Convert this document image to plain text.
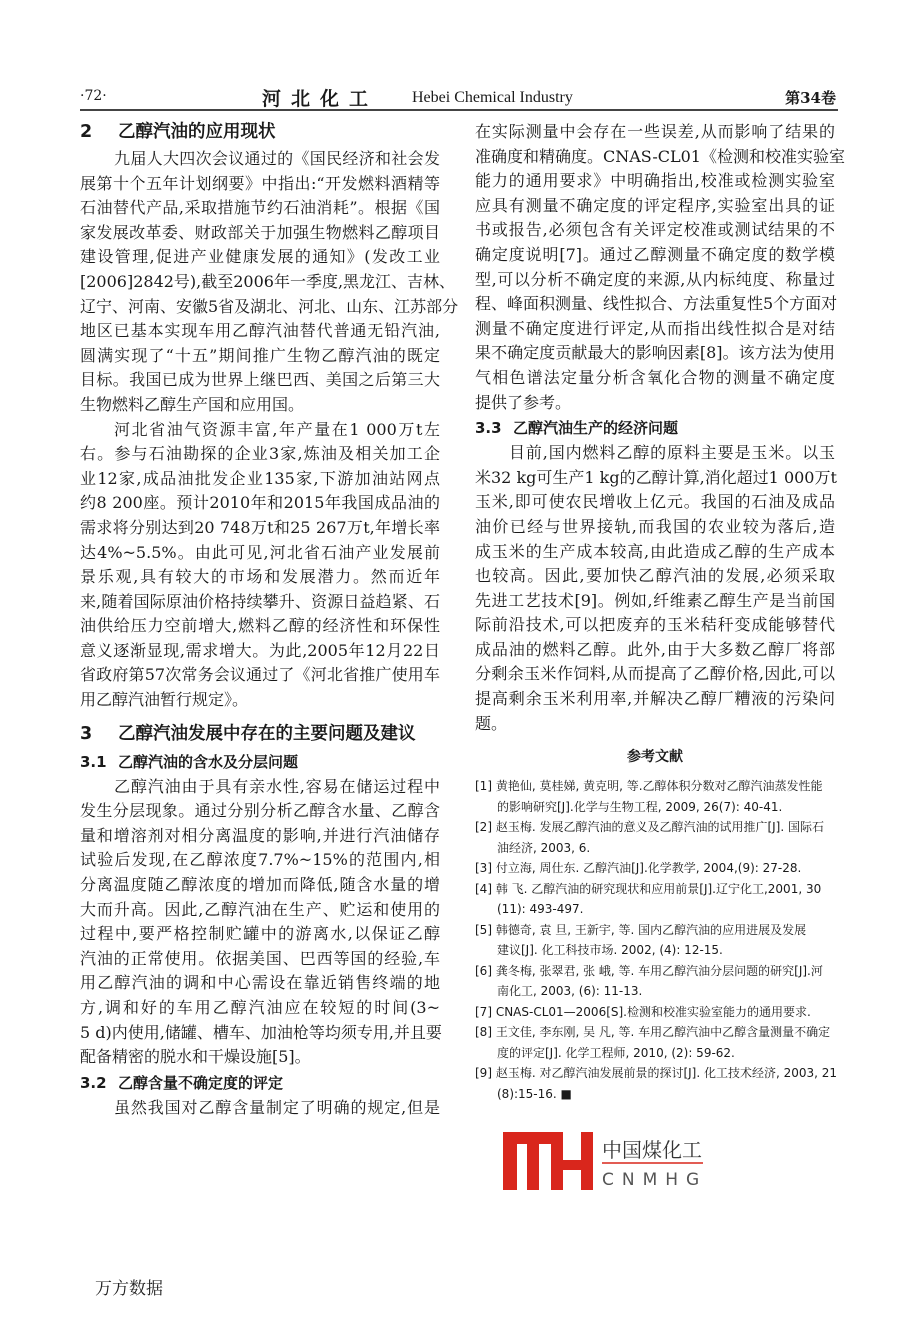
·72·	河北化工 Hebei Chemical Industry	第34卷
2 乙醇汽油的应用现状
九届人大四次会议通过的《国民经济和社会发
展第十个五年计划纲要》中指出:“开发燃料酒精等
石油替代产品,采取措施节约石油消耗”。根据《国
家发展改革委、财政部关于加强生物燃料乙醇项目
建设管理,促进产业健康发展的通知》(发改工业
[2006]2842号),截至2006年一季度,黑龙江、吉林、
辽宁、河南、安徽5省及湖北、河北、山东、江苏部分
地区已基本实现车用乙醇汽油替代普通无铅汽油,
圆满实现了“十五”期间推广生物乙醇汽油的既定
目标。我国已成为世界上继巴西、美国之后第三大
生物燃料乙醇生产国和应用国。
河北省油气资源丰富,年产量在1 000万t左
右。参与石油勘探的企业3家,炼油及相关加工企
业12家,成品油批发企业135家,下游加油站网点
约8 200座。预计2010年和2015年我国成品油的
需求将分别达到20 748万t和25 267万t,年增长率
达4%~5.5%。由此可见,河北省石油产业发展前
景乐观,具有较大的市场和发展潜力。然而近年
来,随着国际原油价格持续攀升、资源日益趋紧、石
油供给压力空前增大,燃料乙醇的经济性和环保性
意义逐渐显现,需求增大。为此,2005年12月22日
省政府第57次常务会议通过了《河北省推广使用车
用乙醇汽油暂行规定》。
3 乙醇汽油发展中存在的主要问题及建议
3.1 乙醇汽油的含水及分层问题
乙醇汽油由于具有亲水性,容易在储运过程中
发生分层现象。通过分别分析乙醇含水量、乙醇含
量和增溶剂对相分离温度的影响,并进行汽油储存
试验后发现,在乙醇浓度7.7%~15%的范围内,相
分离温度随乙醇浓度的增加而降低,随含水量的增
大而升高。因此,乙醇汽油在生产、贮运和使用的
过程中,要严格控制贮罐中的游离水,以保证乙醇
汽油的正常使用。依据美国、巴西等国的经验,车
用乙醇汽油的调和中心需设在靠近销售终端的地
方,调和好的车用乙醇汽油应在较短的时间(3~
5 d)内使用,储罐、槽车、加油枪等均须专用,并且要
配备精密的脱水和干燥设施[5]。
3.2 乙醇含量不确定度的评定
虽然我国对乙醇含量制定了明确的规定,但是
在实际测量中会存在一些误差,从而影响了结果的
准确度和精确度。CNAS-CL01《检测和校准实验室
能力的通用要求》中明确指出,校准或检测实验室
应具有测量不确定度的评定程序,实验室出具的证
书或报告,必须包含有关评定校准或测试结果的不
确定度说明[7]。通过乙醇测量不确定度的数学模
型,可以分析不确定度的来源,从内标纯度、称量过
程、峰面积测量、线性拟合、方法重复性5个方面对
测量不确定度进行评定,从而指出线性拟合是对结
果不确定度贡献最大的影响因素[8]。该方法为使用
气相色谱法定量分析含氧化合物的测量不确定度
提供了参考。
3.3 乙醇汽油生产的经济问题
目前,国内燃料乙醇的原料主要是玉米。以玉
米32 kg可生产1 kg的乙醇计算,消化超过1 000万t
玉米,即可使农民增收上亿元。我国的石油及成品
油价已经与世界接轨,而我国的农业较为落后,造
成玉米的生产成本较高,由此造成乙醇的生产成本
也较高。因此,要加快乙醇汽油的发展,必须采取
先进工艺技术[9]。例如,纤维素乙醇生产是当前国
际前沿技术,可以把废弃的玉米秸秆变成能够替代
成品油的燃料乙醇。此外,由于大多数乙醇厂将部
分剩余玉米作饲料,从而提高了乙醇价格,因此,可以
提高剩余玉米利用率,并解决乙醇厂糟液的污染问
题。
参考文献
[1] 黄艳仙, 莫桂娣, 黄克明, 等.乙醇体积分数对乙醇汽油蒸发性能
的影响研究[J].化学与生物工程, 2009, 26(7): 40-41.
[2] 赵玉梅. 发展乙醇汽油的意义及乙醇汽油的试用推广[J]. 国际石
油经济, 2003, 6.
[3] 付立海, 周仕东. 乙醇汽油[J].化学教学, 2004,(9): 27-28.
[4] 韩 飞. 乙醇汽油的研究现状和应用前景[J].辽宁化工,2001, 30
(11): 493-497.
[5] 韩德奇, 袁 旦, 王新宇, 等. 国内乙醇汽油的应用进展及发展
建议[J]. 化工科技市场. 2002, (4): 12-15.
[6] 龚冬梅, 张翠君, 张 峨, 等. 车用乙醇汽油分层问题的研究[J].河
南化工, 2003, (6): 11-13.
[7] CNAS-CL01—2006[S].检测和校准实验室能力的通用要求.
[8] 王文佳, 李东刚, 吴 凡, 等. 车用乙醇汽油中乙醇含量测量不确定
度的评定[J]. 化学工程师, 2010, (2): 59-62.
[9] 赵玉梅. 对乙醇汽油发展前景的探讨[J]. 化工技术经济, 2003, 21
(8):15-16. ■
中国煤化工
CNMHG
万方数据
